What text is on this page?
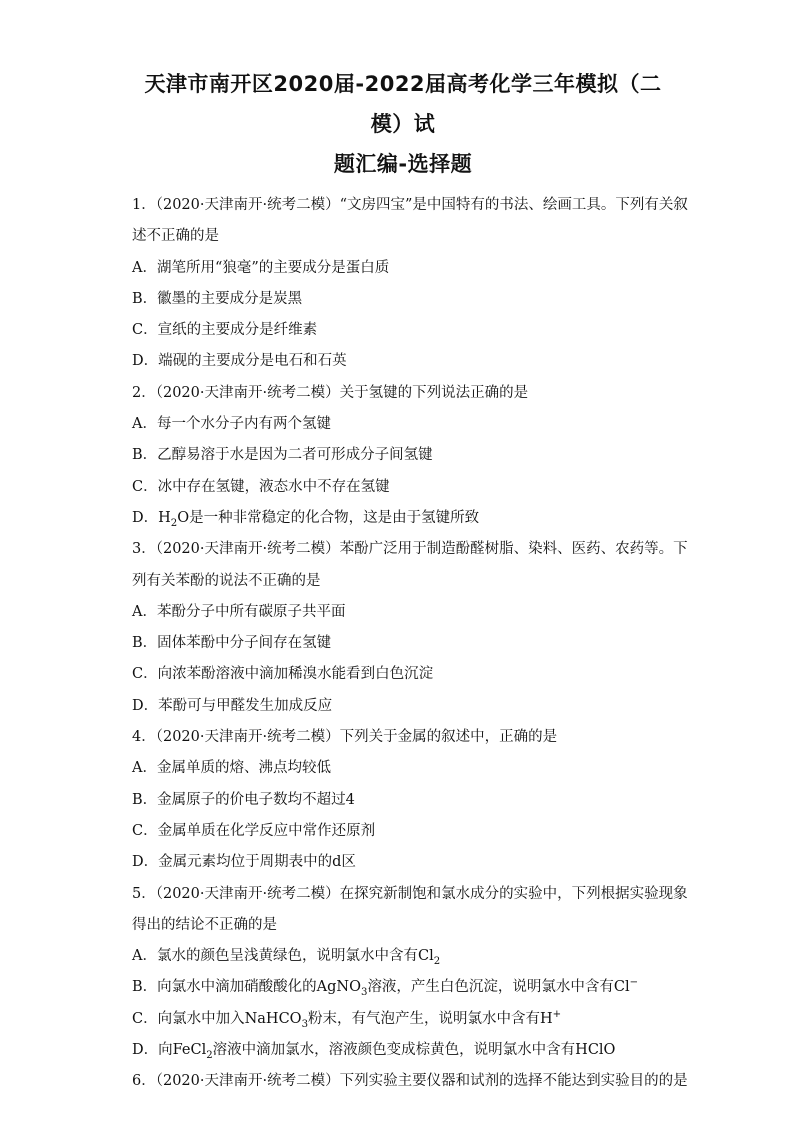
天津市南开区2020届-2022届高考化学三年模拟（二模）试
题汇编-选择题
1．（2020·天津南开·统考二模）“文房四宝”是中国特有的书法、绘画工具。下列有关叙
述不正确的是
A．湖笔所用“狼毫”的主要成分是蛋白质
B．徽墨的主要成分是炭黑
C．宣纸的主要成分是纤维素
D．端砚的主要成分是电石和石英
2．（2020·天津南开·统考二模）关于氢键的下列说法正确的是
A．每一个水分子内有两个氢键
B．乙醇易溶于水是因为二者可形成分子间氢键
C．冰中存在氢键，液态水中不存在氢键
D．$H_2O$是一种非常稳定的化合物，这是由于氢键所致
3．（2020·天津南开·统考二模）苯酚广泛用于制造酚醛树脂、染料、医药、农药等。下
列有关苯酚的说法不正确的是
A．苯酚分子中所有碳原子共平面
B．固体苯酚中分子间存在氢键
C．向浓苯酚溶液中滴加稀溴水能看到白色沉淀
D．苯酚可与甲醛发生加成反应
4．（2020·天津南开·统考二模）下列关于金属的叙述中，正确的是
A．金属单质的熔、沸点均较低
B．金属原子的价电子数均不超过4
C．金属单质在化学反应中常作还原剂
D．金属元素均位于周期表中的d区
5．（2020·天津南开·统考二模）在探究新制饱和氯水成分的实验中，下列根据实验现象
得出的结论不正确的是
A．氯水的颜色呈浅黄绿色，说明氯水中含有$Cl_2$
B．向氯水中滴加硝酸酸化的AgNO$_3$溶液，产生白色沉淀，说明氯水中含有Cl−
C．向氯水中加入NaHCO$_3$粉末，有气泡产生，说明氯水中含有H+
D．向FeCl$_2$溶液中滴加氯水，溶液颜色变成棕黄色，说明氯水中含有HClO
6．（2020·天津南开·统考二模）下列实验主要仪器和试剂的选择不能达到实验目的的是
